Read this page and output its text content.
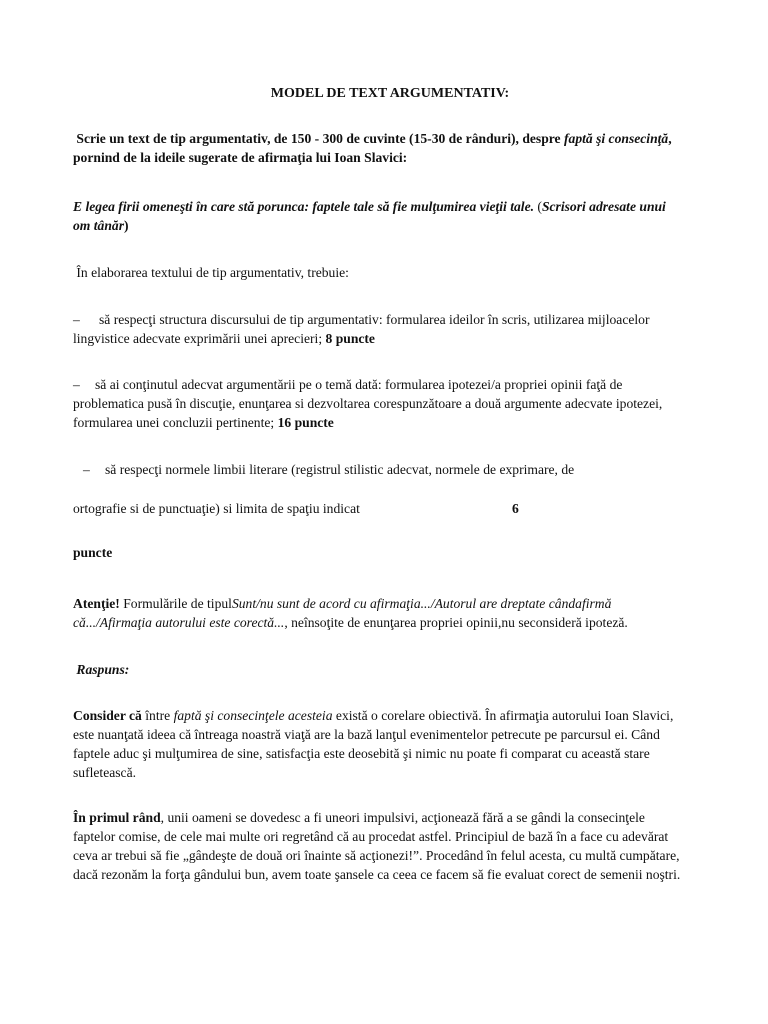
MODEL DE TEXT ARGUMENTATIV:
Scrie un text de tip argumentativ, de 150 - 300 de cuvinte (15-30 de rânduri), despre faptă şi consecinţă, pornind de la ideile sugerate de afirmaţia lui Ioan Slavici:
E legea firii omeneşti în care stă porunca: faptele tale să fie mulţumirea vieţii tale. (Scrisori adresate unui om tânăr)
În elaborarea textului de tip argumentativ, trebuie:
– să respecţi structura discursului de tip argumentativ: formularea ideilor în scris, utilizarea mijloacelor lingvistice adecvate exprimării unei aprecieri; 8 puncte
– să ai conţinutul adecvat argumentării pe o temă dată: formularea ipotezei/a propriei opinii faţă de problematica pusă în discuţie, enunţarea si dezvoltarea corespunzătoare a două argumente adecvate ipotezei, formularea unei concluzii pertinente; 16 puncte
– să respecţi normele limbii literare (registrul stilistic adecvat, normele de exprimare, de
ortografie si de punctuaţie) si limita de spaţiu indicat	6
puncte
Atenţie! Formulările de tipulSunt/nu sunt de acord cu afirmaţia.../Autorul are dreptate cândafirmă că.../Afirmaţia autorului este corectă..., neînsoţite de enunţarea propriei opinii,nu seconsideră ipoteză.
Raspuns:
Consider că între faptă şi consecinţele acesteia există o corelare obiectivă. În afirmaţia autorului Ioan Slavici, este nuanţată ideea că întreaga noastră viaţă are la bază lanţul evenimentelor petrecute pe parcursul ei. Când faptele aduc şi mulţumirea de sine, satisfacţia este deosebită şi nimic nu poate fi comparat cu această stare sufletească.
În primul rând, unii oameni se dovedesc a fi uneori impulsivi, acţionează fără a se gândi la consecinţele faptelor comise, de cele mai multe ori regretând că au procedat astfel. Principiul de bază în a face cu adevărat ceva ar trebui să fie „gândeşte de două ori înainte să acţionezi!”. Procedând în felul acesta, cu multă cumpătare, dacă rezonăm la forţa gândului bun, avem toate şansele ca ceea ce facem să fie evaluat corect de semenii noştri.
